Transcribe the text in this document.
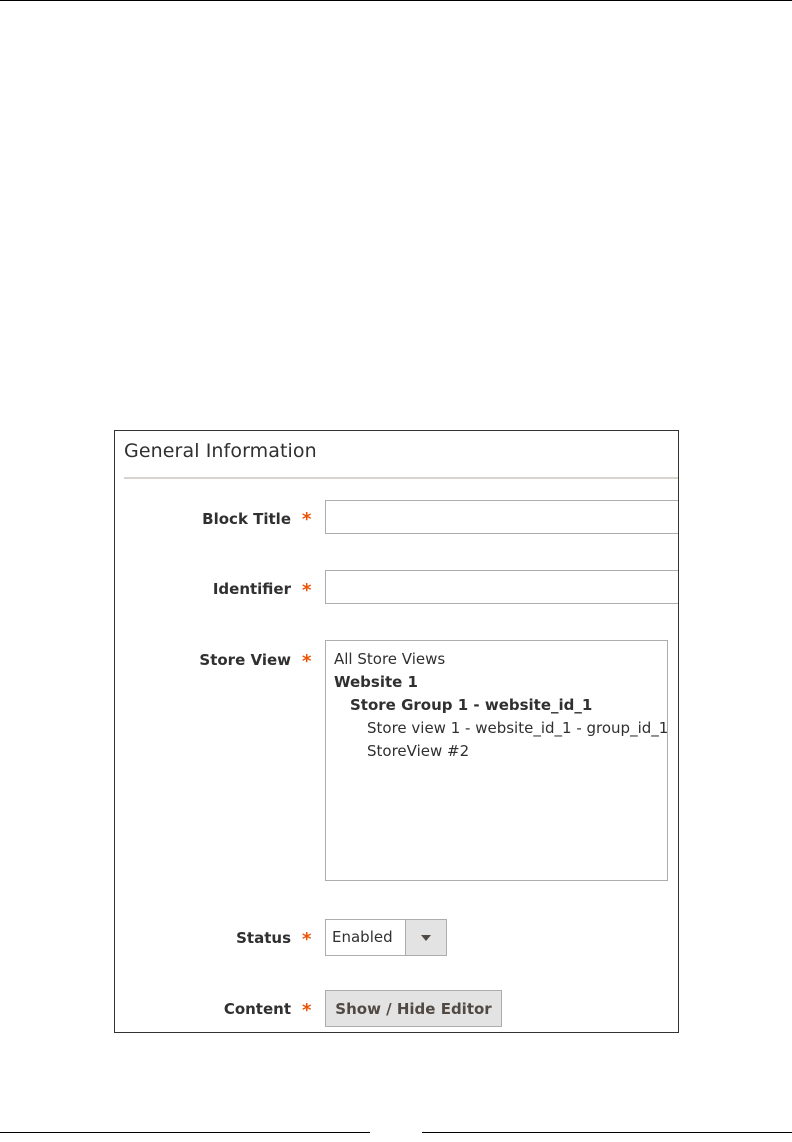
General Information
Block Title *
Identifier *
Store View *	All Store Views
Website 1
Store Group 1 - website_id_1
Store view 1 - website_id_1 - group_id_1
StoreView #2
Status *	Enabled
Content *	Show / Hide Editor
